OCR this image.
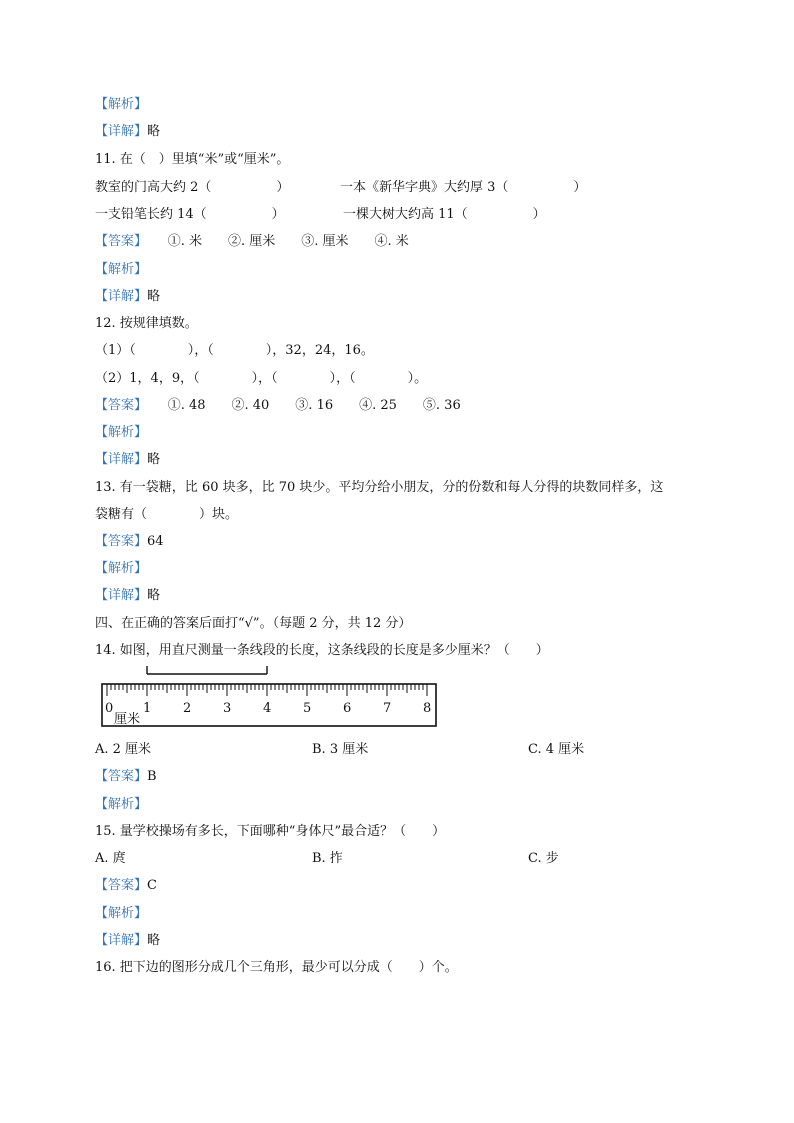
【解析】
【详解】略
11. 在（　）里填“米”或“厘米”。
教室的门高大约 2（　　　　　）	一本《新华字典》大约厚 3（　　　　　）
一支铅笔长约 14（　　　　　）	一棵大树大约高 11（　　　　　）
【答案】 ①. 米　　②. 厘米　　③. 厘米　　④. 米
【解析】
【详解】略
12. 按规律填数。
（1）（　　　　），（　　　　），32，24，16。
（2）1，4，9，（　　　　），（　　　　），（　　　　）。
【答案】 ①. 48　　②. 40　　③. 16　　④. 25　　⑤. 36
【解析】
【详解】略
13. 有一袋糖，比 60 块多，比 70 块少。平均分给小朋友，分的份数和每人分得的块数同样多，这
袋糖有（　　　　）块。
【答案】64
【解析】
【详解】略
四、在正确的答案后面打“√”。（每题 2 分，共 12 分）
14. 如图，用直尺测量一条线段的长度，这条线段的长度是多少厘米？（　　）
1 2 3 4 5 6 7 8
0
厘米
A. 2 厘米	B. 3 厘米	C. 4 厘米
【答案】B
【解析】
15. 量学校操场有多长，下面哪种“身体尺”最合适？（　　）
A. 庹	B. 拃	C. 步
【答案】C
【解析】
【详解】略
16. 把下边的图形分成几个三角形，最少可以分成（　　）个。
